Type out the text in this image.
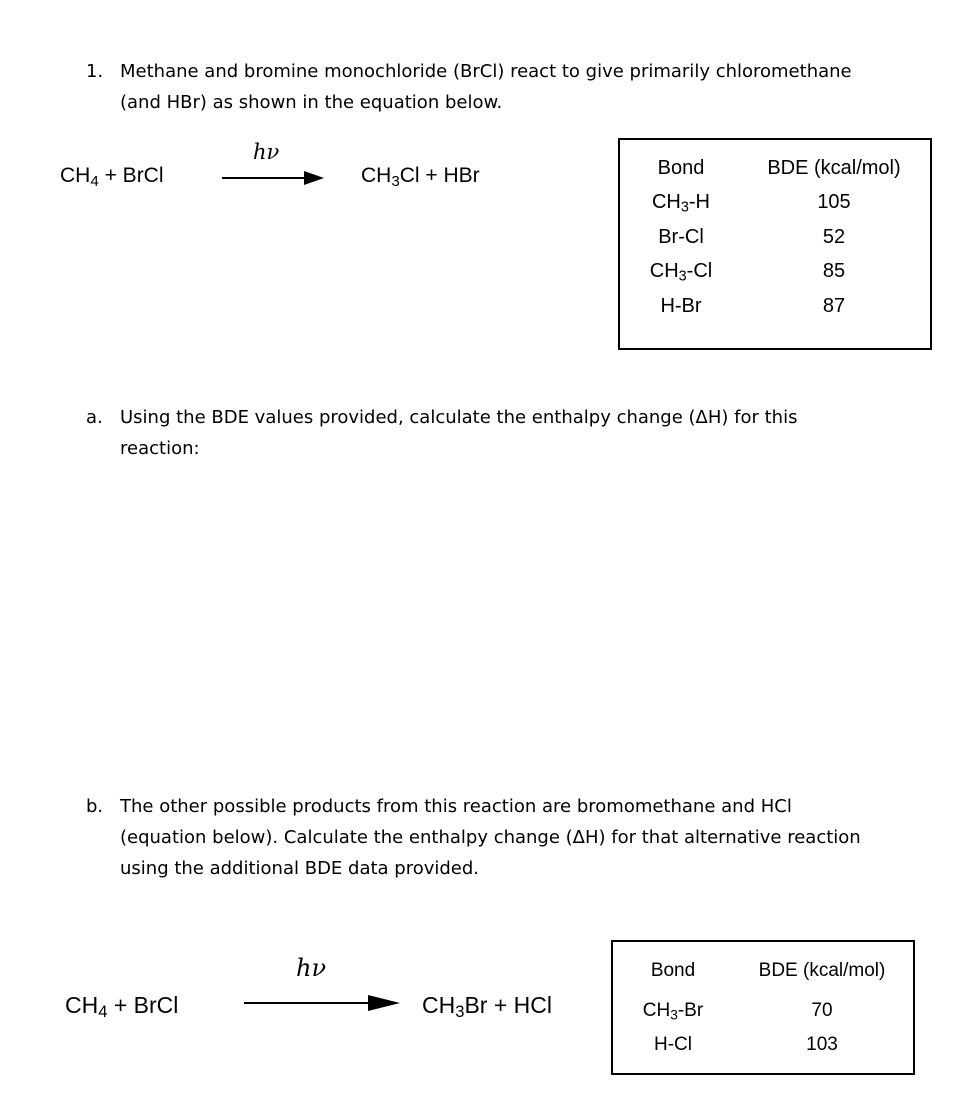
1. Methane and bromine monochloride (BrCl) react to give primarily chloromethane
(and HBr) as shown in the equation below.
$CH_4$ + BrCl
hν
$CH_3Cl$ + HBr	Bond	BDE (kcal/mol)
$CH_3-H$	105
Br-Cl	52
$CH_3-Cl$	85
H-Br	87
a. Using the BDE values provided, calculate the enthalpy change (ΔH) for this
reaction:
b. The other possible products from this reaction are bromomethane and HCl
(equation below). Calculate the enthalpy change (ΔH) for that alternative reaction
using the additional BDE data provided.
$CH_4$ + BrCl
hν
$CH_3Br$ + HCl
Bond	BDE (kcal/mol)
$CH_3-Br$	70
H-Cl	103
